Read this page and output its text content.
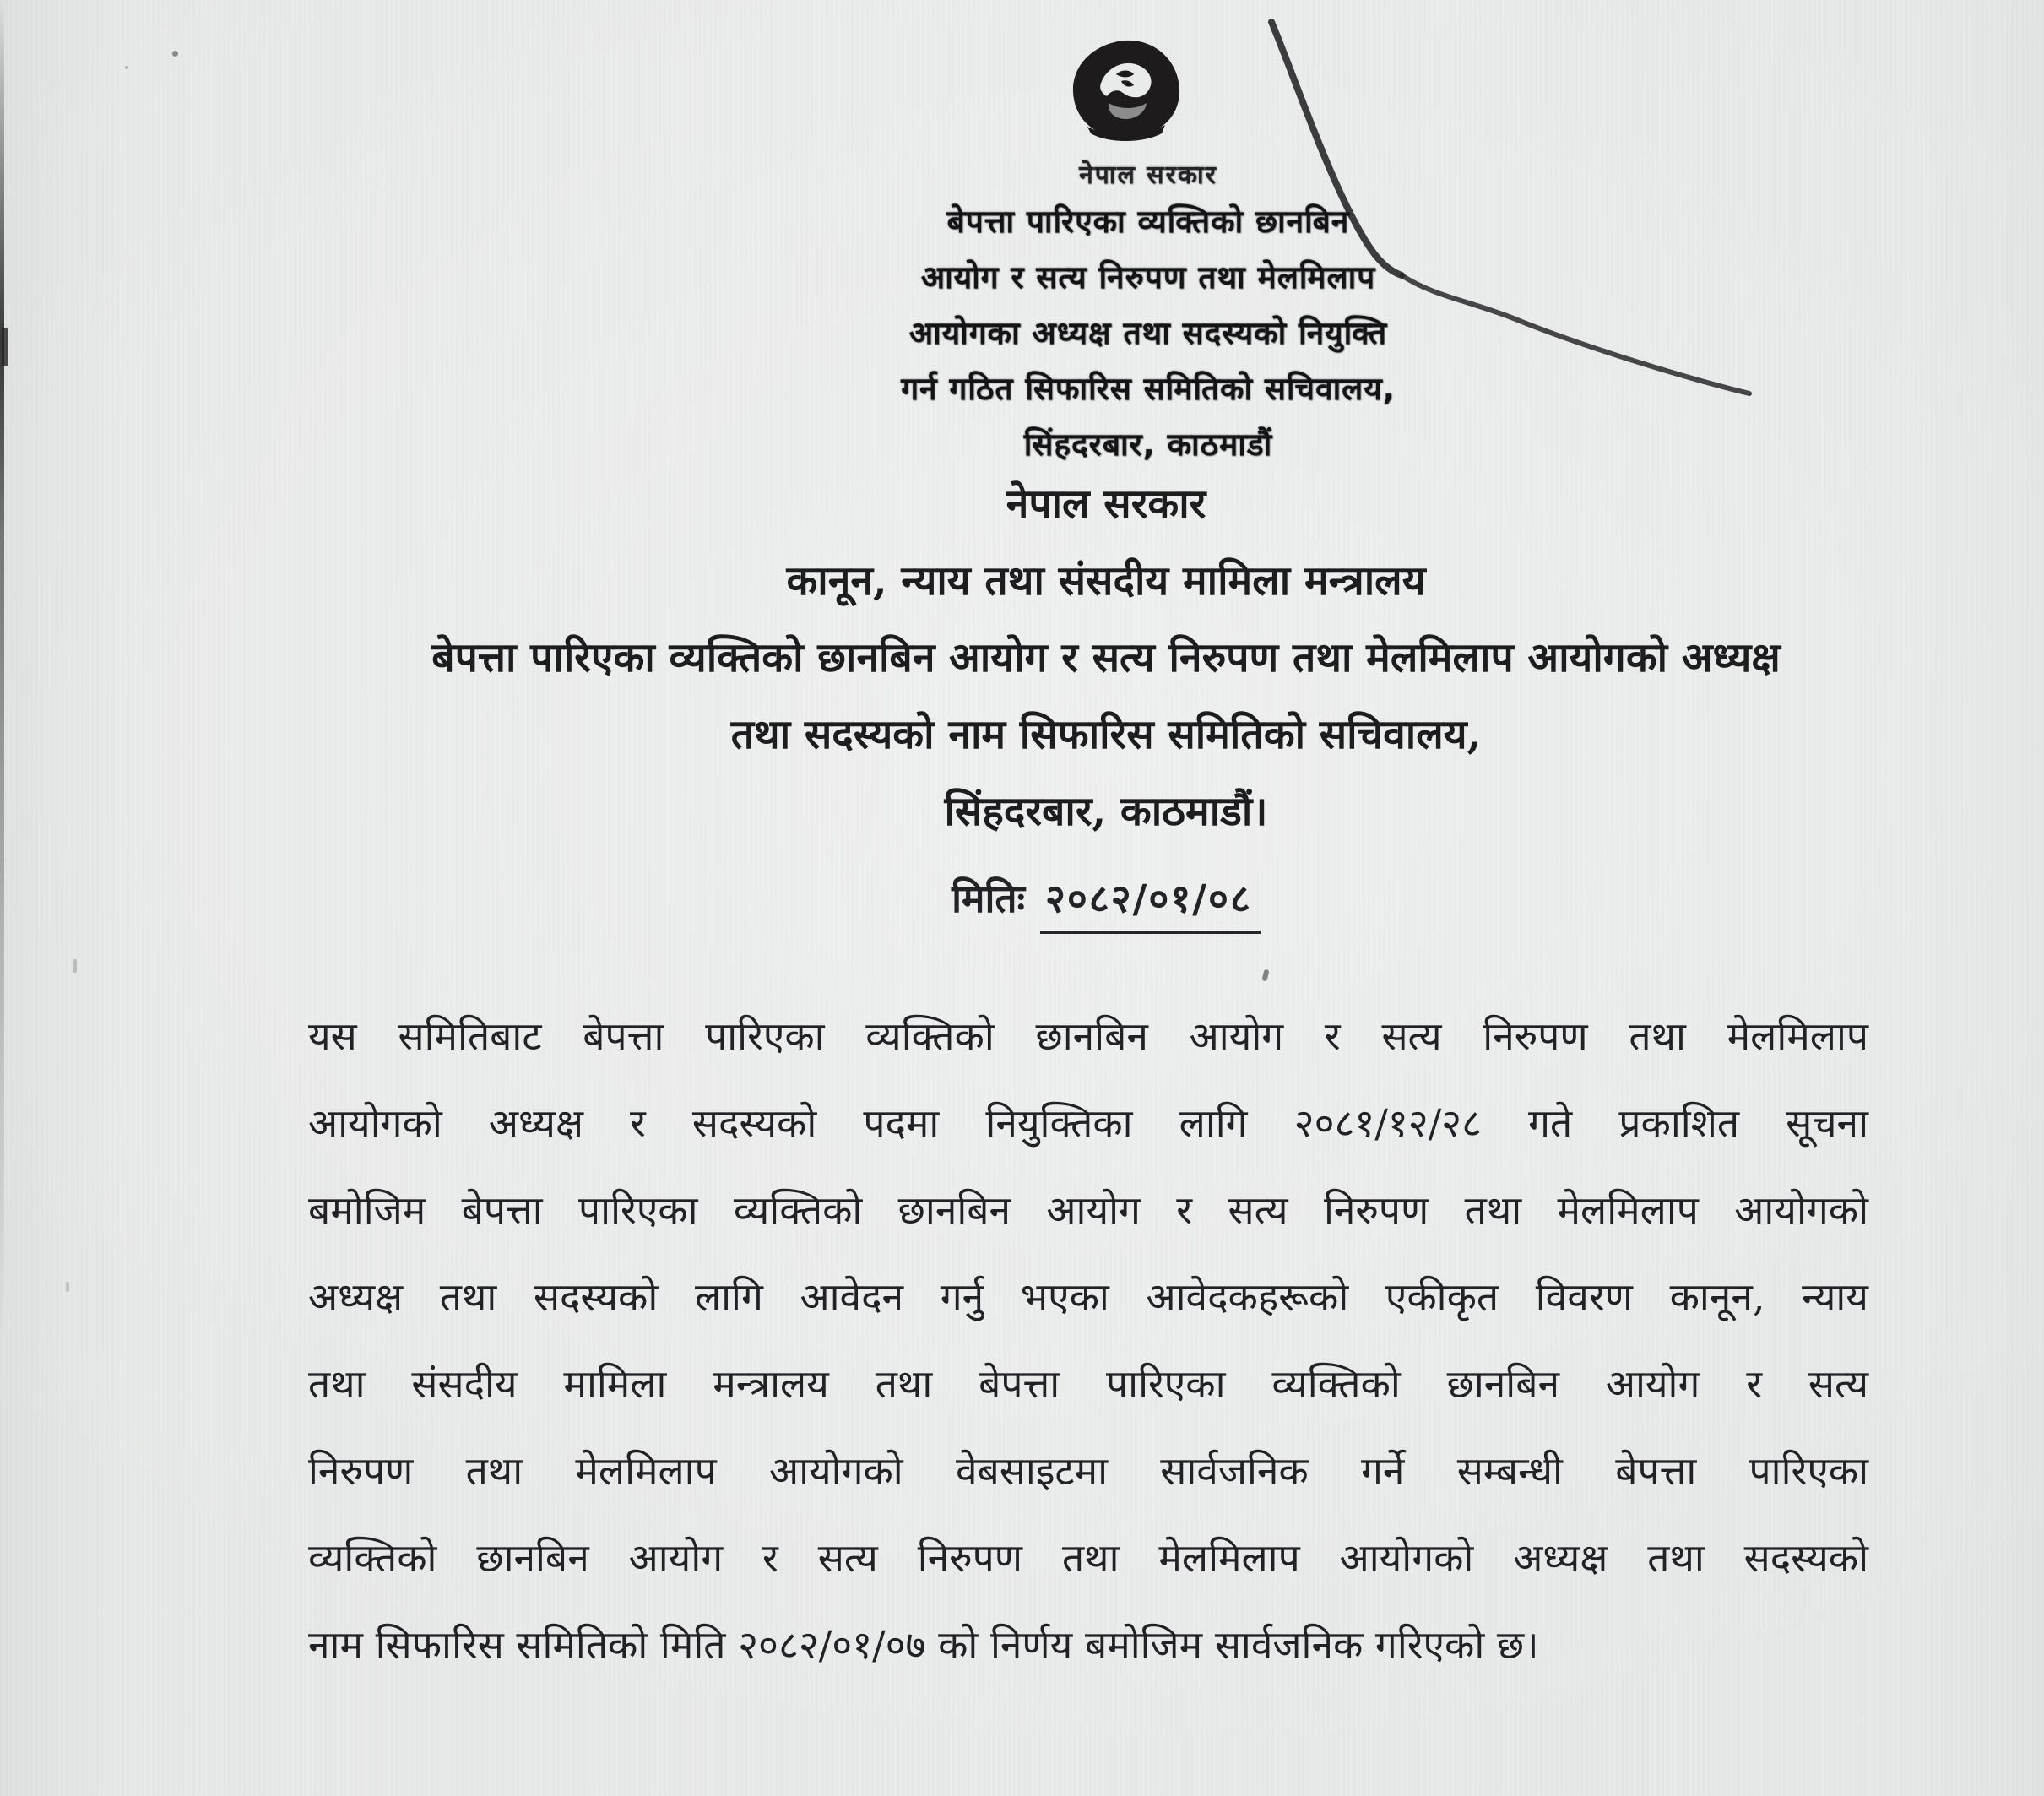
नेपाल सरकार
बेपत्ता पारिएका व्यक्तिको छानबिन
आयोग र सत्य निरुपण तथा मेलमिलाप
आयोगका अध्यक्ष तथा सदस्यको नियुक्ति
गर्न गठित सिफारिस समितिको सचिवालय,
सिंहदरबार, काठमाडौं
नेपाल सरकार
कानून, न्याय तथा संसदीय मामिला मन्त्रालय
बेपत्ता पारिएका व्यक्तिको छानबिन आयोग र सत्य निरुपण तथा मेलमिलाप आयोगको अध्यक्ष
तथा सदस्यको नाम सिफारिस समितिको सचिवालय,
सिंहदरबार, काठमाडौं।
मितिः २०८२/०१/०८
यस समितिबाट बेपत्ता पारिएका व्यक्तिको छानबिन आयोग र सत्य निरुपण तथा मेलमिलाप
आयोगको अध्यक्ष र सदस्यको पदमा नियुक्तिका लागि २०८१/१२/२८ गते प्रकाशित सूचना
बमोजिम बेपत्ता पारिएका व्यक्तिको छानबिन आयोग र सत्य निरुपण तथा मेलमिलाप आयोगको
अध्यक्ष तथा सदस्यको लागि आवेदन गर्नु भएका आवेदकहरूको एकीकृत विवरण कानून, न्याय
तथा संसदीय मामिला मन्त्रालय तथा बेपत्ता पारिएका व्यक्तिको छानबिन आयोग र सत्य
निरुपण तथा मेलमिलाप आयोगको वेबसाइटमा सार्वजनिक गर्ने सम्बन्धी बेपत्ता पारिएका
व्यक्तिको छानबिन आयोग र सत्य निरुपण तथा मेलमिलाप आयोगको अध्यक्ष तथा सदस्यको
नाम सिफारिस समितिको मिति २०८२/०१/०७ को निर्णय बमोजिम सार्वजनिक गरिएको छ।
